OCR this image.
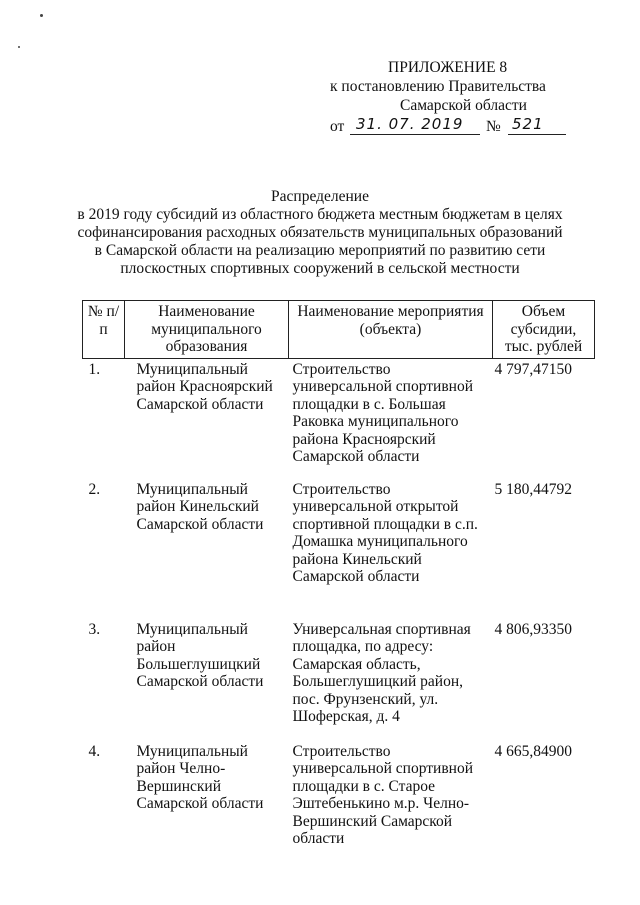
ПРИЛОЖЕНИЕ 8
к постановлению Правительства
Самарской области
от 31. 07. 2019 № 521
Распределение
в 2019 году субсидий из областного бюджета местным бюджетам в целях
софинансирования расходных обязательств муниципальных образований
в Самарской области на реализацию мероприятий по развитию сети
плоскостных спортивных сооружений в сельской местности
№ п/п	Наименование муниципального образования	Наименование мероприятия (объекта)	Объем субсидии, тыс. рублей
1.	Муниципальный район Красноярский Самарской области	Строительство универсальной спортивной площадки в с. Большая Раковка муниципального района Красноярский Самарской области	4 797,47150
2.	Муниципальный район Кинельский Самарской области	Строительство универсальной открытой спортивной площадки в с.п. Домашка муниципального района Кинельский Самарской области	5 180,44792
3.	Муниципальный район Большеглушицкий Самарской области	Универсальная спортивная площадка, по адресу: Самарская область, Большеглушицкий район, пос. Фрунзенский, ул. Шоферская, д. 4	4 806,93350
4.	Муниципальный район Челно-Вершинский Самарской области	Строительство универсальной спортивной площадки в с. Старое Эштебенькино м.р. Челно-Вершинский Самарской области	4 665,84900
